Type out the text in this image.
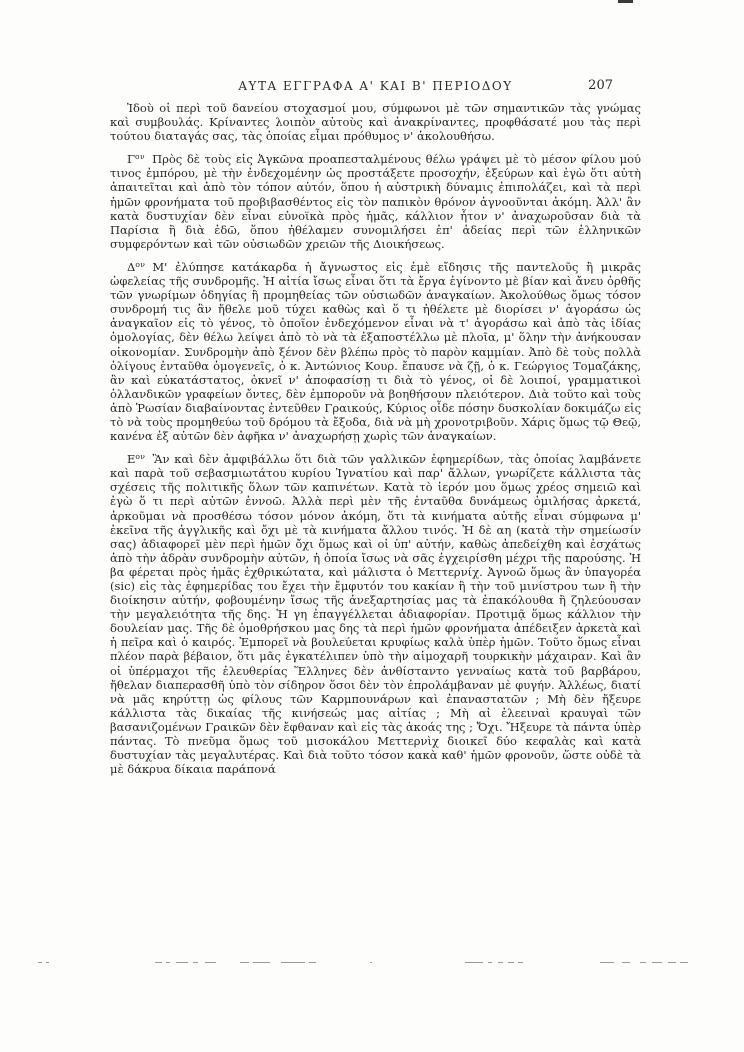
ΑΥΤΑ ΕΓΓΡΑΦΑ Α' ΚΑΙ Β' ΠΕΡΙΟΔΟΥ	207

Ἰδοὺ οἱ περὶ τοῦ δανείου στοχασμοί μου, σύμφωνοι μὲ τῶν σημαντικῶν τὰς γνώμας καὶ συμβουλάς. Κρίναντες λοιπὸν αὐτοὺς καὶ ἀνακρίναντες, προφθάσατέ μου τὰς περὶ τούτου διαταγάς σας, τὰς ὁποίας εἶμαι πρόθυμος ν' ἀκολουθήσω.

$\Gamma^{o\nu}$ Πρὸς δὲ τοὺς εἰς Ἀγκῶνα προαπεσταλμένους θέλω γράψει μὲ τὸ μέσον φίλου μού τινος ἐμπόρου, μὲ τὴν ἐνδεχομένην ὡς προστάξετε προσοχήν, ἐξεύρων καὶ ἐγὼ ὅτι αὐτὴ ἀπαιτεῖται καὶ ἀπὸ τὸν τόπον αὐτόν, ὅπου ἡ αὐστρικὴ δύναμις ἐπιπολάζει, καὶ τὰ περὶ ἡμῶν φρονήματα τοῦ προβιβασθέντος εἰς τὸν παπικὸν θρόνον ἀγνοοῦνται ἀκόμη. Ἀλλ' ἂν κατὰ δυστυχίαν δὲν εἶναι εὐνοϊκὰ πρὸς ἡμᾶς, κάλλιον ἦτον ν' ἀναχωροῦσαν διὰ τὰ Παρίσια ἢ διὰ ἐδῶ, ὅπου ἠθέλαμεν συνομιλήσει ἐπ' ἀδείας περὶ τῶν ἑλληνικῶν συμφερόντων καὶ τῶν οὐσιωδῶν χρειῶν τῆς Διοικήσεως.

$\Delta^{o\nu}$ Μ' ἐλύπησε κατάκαρδα ἡ ἄγνωστος εἰς ἐμὲ εἴδησις τῆς παντελοῦς ἢ μικρᾶς ὠφελείας τῆς συνδρομῆς. Ἡ αἰτία ἴσως εἶναι ὅτι τὰ ἔργα ἐγίνοντο μὲ βίαν καὶ ἄνευ ὀρθῆς τῶν γνωρίμων ὁδηγίας ἢ προμηθείας τῶν οὐσιωδῶν ἀναγκαίων. Ἀκολούθως ὅμως τόσον συνδρομή τις ἂν ἤθελε μοῦ τύχει καθὼς καὶ ὅ τι ἠθέλετε μὲ διορίσει ν' ἀγοράσω ὡς ἀναγκαῖον εἰς τὸ γένος, τὸ ὁποῖον ἐνδεχόμενον εἶναι νὰ τ' ἀγοράσω καὶ ἀπὸ τὰς ἰδίας ὁμολογίας, δὲν θέλω λείψει ἀπὸ τὸ νὰ τὰ ἐξαποστέλλω μὲ πλοῖα, μ' ὅλην τὴν ἀνήκουσαν οἰκονομίαν. Συνδρομὴν ἀπὸ ξένον δὲν βλέπω πρὸς τὸ παρὸν καμμίαν. Ἀπὸ δὲ τοὺς πολλὰ ὀλίγους ἐνταῦθα ὁμογενεῖς, ὁ κ. Ἀντώνιος Κουρ. ἔπαυσε νὰ ζῇ, ὁ κ. Γεώργιος Τομαζάκης, ἂν καὶ εὐκατάστατος, ὀκνεῖ ν' ἀποφασίσῃ τι διὰ τὸ γένος, οἱ δὲ λοιποί, γραμματικοὶ ὁλλανδικῶν γραφείων ὄντες, δὲν ἐμποροῦν νὰ βοηθήσουν πλειότερον. Διὰ τοῦτο καὶ τοὺς ἀπὸ Ῥωσίαν διαβαίνοντας ἐντεῦθεν Γραικούς, Κύριος οἶδε πόσην δυσκολίαν δοκιμάζω εἰς τὸ νὰ τοὺς προμηθεύω τοῦ δρόμου τὰ ἔξοδα, διὰ νὰ μὴ χρονοτριβοῦν. Χάρις ὅμως τῷ Θεῷ, κανένα ἐξ αὐτῶν δὲν ἀφῆκα ν' ἀναχωρήσῃ χωρὶς τῶν ἀναγκαίων.

$E^{o\nu}$ Ἂν καὶ δὲν ἀμφιβάλλω ὅτι διὰ τῶν γαλλικῶν ἐφημερίδων, τὰς ὁποίας λαμβάνετε καὶ παρὰ τοῦ σεβασμιωτάτου κυρίου Ἰγνατίου καὶ παρ' ἄλλων, γνωρίζετε κάλλιστα τὰς σχέσεις τῆς πολιτικῆς ὅλων τῶν καπινέτων. Κατὰ τὸ ἱερόν μου ὅμως χρέος σημειῶ καὶ ἐγὼ ὅ τι περὶ αὐτῶν ἐννοῶ. Ἀλλὰ περὶ μὲν τῆς ἐνταῦθα δυνάμεως ὁμιλήσας ἀρκετά, ἀρκοῦμαι νὰ προσθέσω τόσον μόνον ἀκόμη, ὅτι τὰ κινήματα αὐτῆς εἶναι σύμφωνα μ' ἐκεῖνα τῆς ἀγγλικῆς καὶ ὄχι μὲ τὰ κινήματα ἄλλου τινός. Ἡ δὲ αη (κατὰ τὴν σημείωσίν σας) ἀδιαφορεῖ μὲν περὶ ἡμῶν ὄχι ὅμως καὶ οἱ ὑπ' αὐτήν, καθὼς ἀπεδείχθη καὶ ἐσχάτως ἀπὸ τὴν ἁδρὰν συνδρομὴν αὐτῶν, ἡ ὁποία ἴσως νὰ σᾶς ἐγχειρίσθη μέχρι τῆς παρούσης. Ἡ βα φέρεται πρὸς ἡμᾶς ἐχθρικώτατα, καὶ μάλιστα ὁ Μεττερνίχ. Ἀγνοῶ ὅμως ἂν ὑπαγορέα (sic) εἰς τὰς ἐφημερίδας του ἔχει τὴν ἔμφυτόν του κακίαν ἢ τὴν τοῦ μινίστρου των ἢ τὴν διοίκησιν αὐτήν, φοβουμένην ἴσως τῆς ἀνεξαρτησίας μας τὰ ἐπακόλουθα ἢ ζηλεύουσαν τὴν μεγαλειότητα τῆς δης. Ἡ γη ἐπαγγέλλεται ἀδιαφορίαν. Προτιμᾷ ὅμως κάλλιον τὴν δουλείαν μας. Τῆς δὲ ὁμοθρήσκου μας δης τὰ περὶ ἡμῶν φρονήματα ἀπέδειξεν ἀρκετὰ καὶ ἡ πεῖρα καὶ ὁ καιρός. Ἐμπορεῖ νὰ βουλεύεται κρυφίως καλὰ ὑπὲρ ἡμῶν. Τοῦτο ὅμως εἶναι πλέον παρὰ βέβαιον, ὅτι μᾶς ἐγκατέλιπεν ὑπὸ τὴν αἱμοχαρῆ τουρκικὴν μάχαιραν. Καὶ ἂν οἱ ὑπέρμαχοι τῆς ἐλευθερίας Ἕλληνες δὲν ἀνθίσταντο γενναίως κατὰ τοῦ βαρβάρου, ἤθελαν διαπερασθῆ ὑπὸ τὸν σίδηρον ὅσοι δὲν τὸν ἐπρολάμβαναν μὲ φυγήν. Ἀλλέως, διατί νὰ μᾶς κηρύττῃ ὡς φίλους τῶν Καρμπουνάρων καὶ ἐπαναστατῶν ; Μὴ δὲν ἤξευρε κάλλιστα τὰς δικαίας τῆς κινήσεώς μας αἰτίας ; Μὴ αἱ ἐλεειναὶ κραυγαὶ τῶν βασανιζομένων Γραικῶν δὲν ἔφθαναν καὶ εἰς τὰς ἀκοάς της ; Ὄχι. Ἤξευρε τὰ πάντα ὑπὲρ πάντας. Τὸ πνεῦμα ὅμως τοῦ μισοκάλου Μεττερνὶχ διοικεῖ δύο κεφαλὰς καὶ κατὰ δυστυχίαν τὰς μεγαλυτέρας. Καὶ διὰ τοῦτο τόσον κακὰ καθ' ἡμῶν φρονοῦν, ὥστε οὐδὲ τὰ μὲ δάκρυα δίκαια παράπονά
